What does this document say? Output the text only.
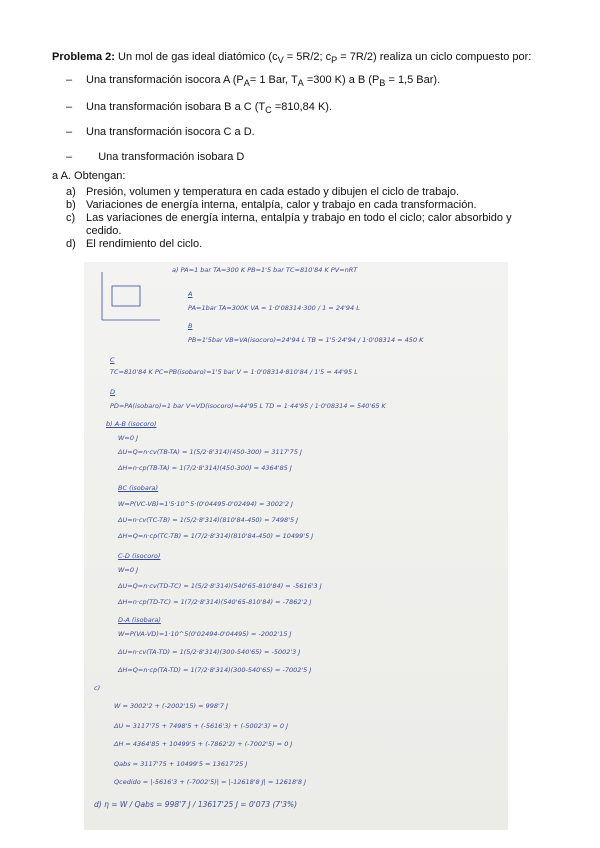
Problema 2: Un mol de gas ideal diatómico ($c_V = 5R/2$; $c_P = 7R/2$) realiza un ciclo compuesto por:
– Una transformación isocora A ($P_A= 1$ Bar, $T_A =300$ K) a B ($P_B = 1,5$ Bar).
– Una transformación isobara B a C ($T_C =810,84$ K).
– Una transformación isocora C a D.
–    Una transformación isobara D
a A. Obtengan:
a) Presión, volumen y temperatura en cada estado y dibujen el ciclo de trabajo.
b) Variaciones de energía interna, entalpía, calor y trabajo en cada transformación.
c) Las variaciones de energía interna, entalpía y trabajo en todo el ciclo; calor absorbido y cedido.
d) El rendimiento del ciclo.
a) PA=1 bar TA=300 K PB=1'5 bar TC=810'84 K PV=nRT
A
PA=1bar TA=300K VA = 1·0'08314·300 / 1 = 24'94 L
B
PB=1'5bar VB=VA(isocoro)=24'94 L TB = 1'5·24'94 / 1·0'08314 = 450 K
C
TC=810'84 K PC=PB(isobaro)=1'5 bar V = 1·0'08314·810'84 / 1'5 = 44'95 L
D
PD=PA(isobaro)=1 bar V=VD(isocoro)=44'95 L TD = 1·44'95 / 1·0'08314 = 540'65 K
b) A-B (isocoro)
W=0 J
ΔU=Q=n·cv(TB-TA) = 1(5/2·8'314)(450-300) = 3117'75 J
ΔH=n·cp(TB-TA) = 1(7/2·8'314)(450-300) = 4364'85 J
BC (isobara)
W=P(VC-VB)=1'5·10^5·(0'04495-0'02494) = 3002'2 J
ΔU=n·cv(TC-TB) = 1(5/2·8'314)(810'84-450) = 7498'5 J
ΔH=Q=n·cp(TC-TB) = 1(7/2·8'314)(810'84-450) = 10499'5 J
C-D (isocoro)
W=0 J
ΔU=Q=n·cv(TD-TC) = 1(5/2·8'314)(540'65-810'84) = -5616'3 J
ΔH=n·cp(TD-TC) = 1(7/2·8'314)(540'65-810'84) = -7862'2 J
D-A (isobara)
W=P(VA-VD)=1·10^5(0'02494-0'04495) = -2002'15 J
ΔU=n·cv(TA-TD) = 1(5/2·8'314)(300-540'65) = -5002'3 J
ΔH=Q=n·cp(TA-TD) = 1(7/2·8'314)(300-540'65) = -7002'5 J
c)
W = 3002'2 + (-2002'15) = 998'7 J
ΔU = 3117'75 + 7498'5 + (-5616'3) + (-5002'3) = 0 J
ΔH = 4364'85 + 10499'5 + (-7862'2) + (-7002'5) = 0 J
Qabs = 3117'75 + 10499'5 = 13617'25 J
Qcedido = |-5616'3 + (-7002'5)| = |-12618'8 J| = 12618'8 J
d) η = W / Qabs = 998'7 J / 13617'25 J = 0'073 (7'3%)
